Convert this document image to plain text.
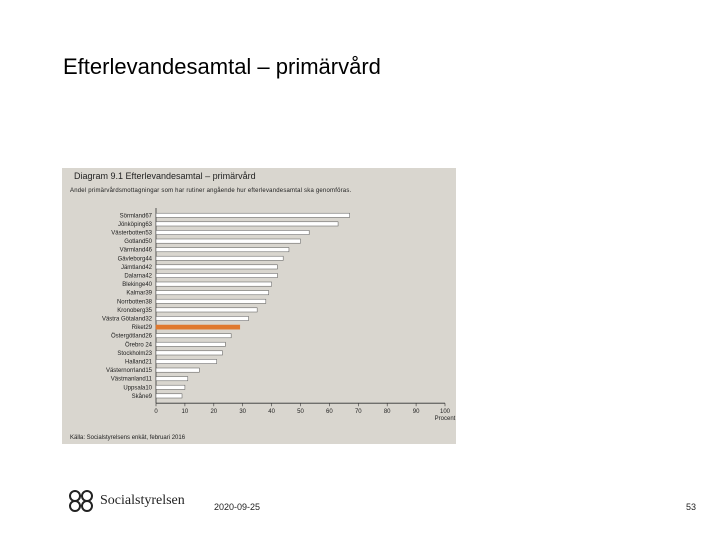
Efterlevandesamtal – primärvård
Diagram 9.1 Efterlevandesamtal – primärvård
Andel primärvårdsmottagningar som har rutiner angående hur efterlevandesamtal ska genomföras.
Sörmland67
Jönköping63
Västerbotten53
Gotland50
Värmland46
Gävleborg44
Jämtland42
Dalarna42
Blekinge40
Kalmar39
Norrbotten38
Kronoberg35
Västra Götaland32
Riket29
Östergötland26
Örebro 24
Stockholm23
Halland21
Västernorrland15
Västmanland11
Uppsala10
Skåne9
0	10	20	30	40	50	60	70	80	90	100
Procent
Källa: Socialstyrelsens enkät, februari 2016
Socialstyrelsen	2020-09-25	53
